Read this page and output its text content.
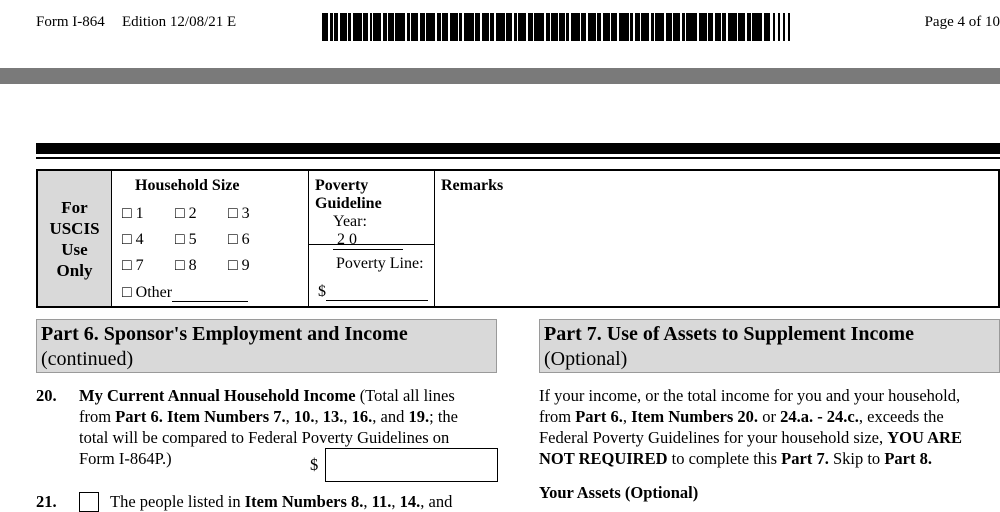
Form I-864 Edition 12/08/21 E	Page 4 of 10
For
USCIS
Use
Only
Household Size
□ 1 □ 2 □ 3
□ 4 □ 5 □ 6
□ 7 □ 8 □ 9
□ Other
Poverty Guideline
Year: 2 0
Poverty Line:
$
Remarks
Part 6. Sponsor's Employment and Income
(continued)
20. My Current Annual Household Income (Total all lines
from Part 6. Item Numbers 7., 10., 13., 16., and 19.; the
total will be compared to Federal Poverty Guidelines on
Form I-864P.)	$
21.	The people listed in Item Numbers 8., 11., 14., and
Part 7. Use of Assets to Supplement Income
(Optional)
If your income, or the total income for you and your household,
from Part 6., Item Numbers 20. or 24.a. - 24.c., exceeds the
Federal Poverty Guidelines for your household size, YOU ARE
NOT REQUIRED to complete this Part 7. Skip to Part 8.
Your Assets (Optional)
